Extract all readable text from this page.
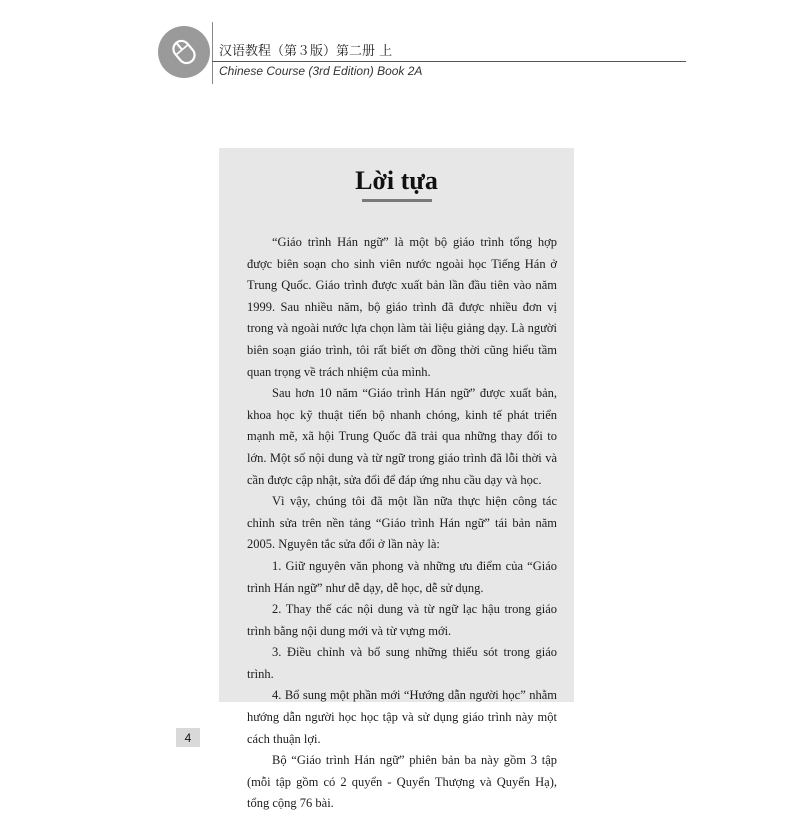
汉语教程（第３版）第二册 上
Chinese Course (3rd Edition) Book 2A
Lời tựa

“Giáo trình Hán ngữ” là một bộ giáo trình tổng hợp được biên soạn cho sinh viên nước ngoài học Tiếng Hán ở Trung Quốc. Giáo trình được xuất bản lần đầu tiên vào năm 1999. Sau nhiều năm, bộ giáo trình đã được nhiều đơn vị trong và ngoài nước lựa chọn làm tài liệu giảng dạy. Là người biên soạn giáo trình, tôi rất biết ơn đồng thời cũng hiểu tầm quan trọng về trách nhiệm của mình.

Sau hơn 10 năm “Giáo trình Hán ngữ” được xuất bản, khoa học kỹ thuật tiến bộ nhanh chóng, kinh tế phát triển mạnh mẽ, xã hội Trung Quốc đã trải qua những thay đổi to lớn. Một số nội dung và từ ngữ trong giáo trình đã lỗi thời và cần được cập nhật, sửa đổi để đáp ứng nhu cầu dạy và học.

Vì vậy, chúng tôi đã một lần nữa thực hiện công tác chỉnh sửa trên nền tảng “Giáo trình Hán ngữ” tái bản năm 2005. Nguyên tắc sửa đổi ở lần này là:

1. Giữ nguyên văn phong và những ưu điểm của “Giáo trình Hán ngữ” như dễ dạy, dễ học, dễ sử dụng.

2. Thay thế các nội dung và từ ngữ lạc hậu trong giáo trình bằng nội dung mới và từ vựng mới.

3. Điều chỉnh và bổ sung những thiếu sót trong giáo trình.

4. Bổ sung một phần mới “Hướng dẫn người học” nhằm hướng dẫn người học học tập và sử dụng giáo trình này một cách thuận lợi.

Bộ “Giáo trình Hán ngữ” phiên bản ba này gồm 3 tập (mỗi tập gồm có 2 quyển - Quyển Thượng và Quyển Hạ), tổng cộng 76 bài.

4
